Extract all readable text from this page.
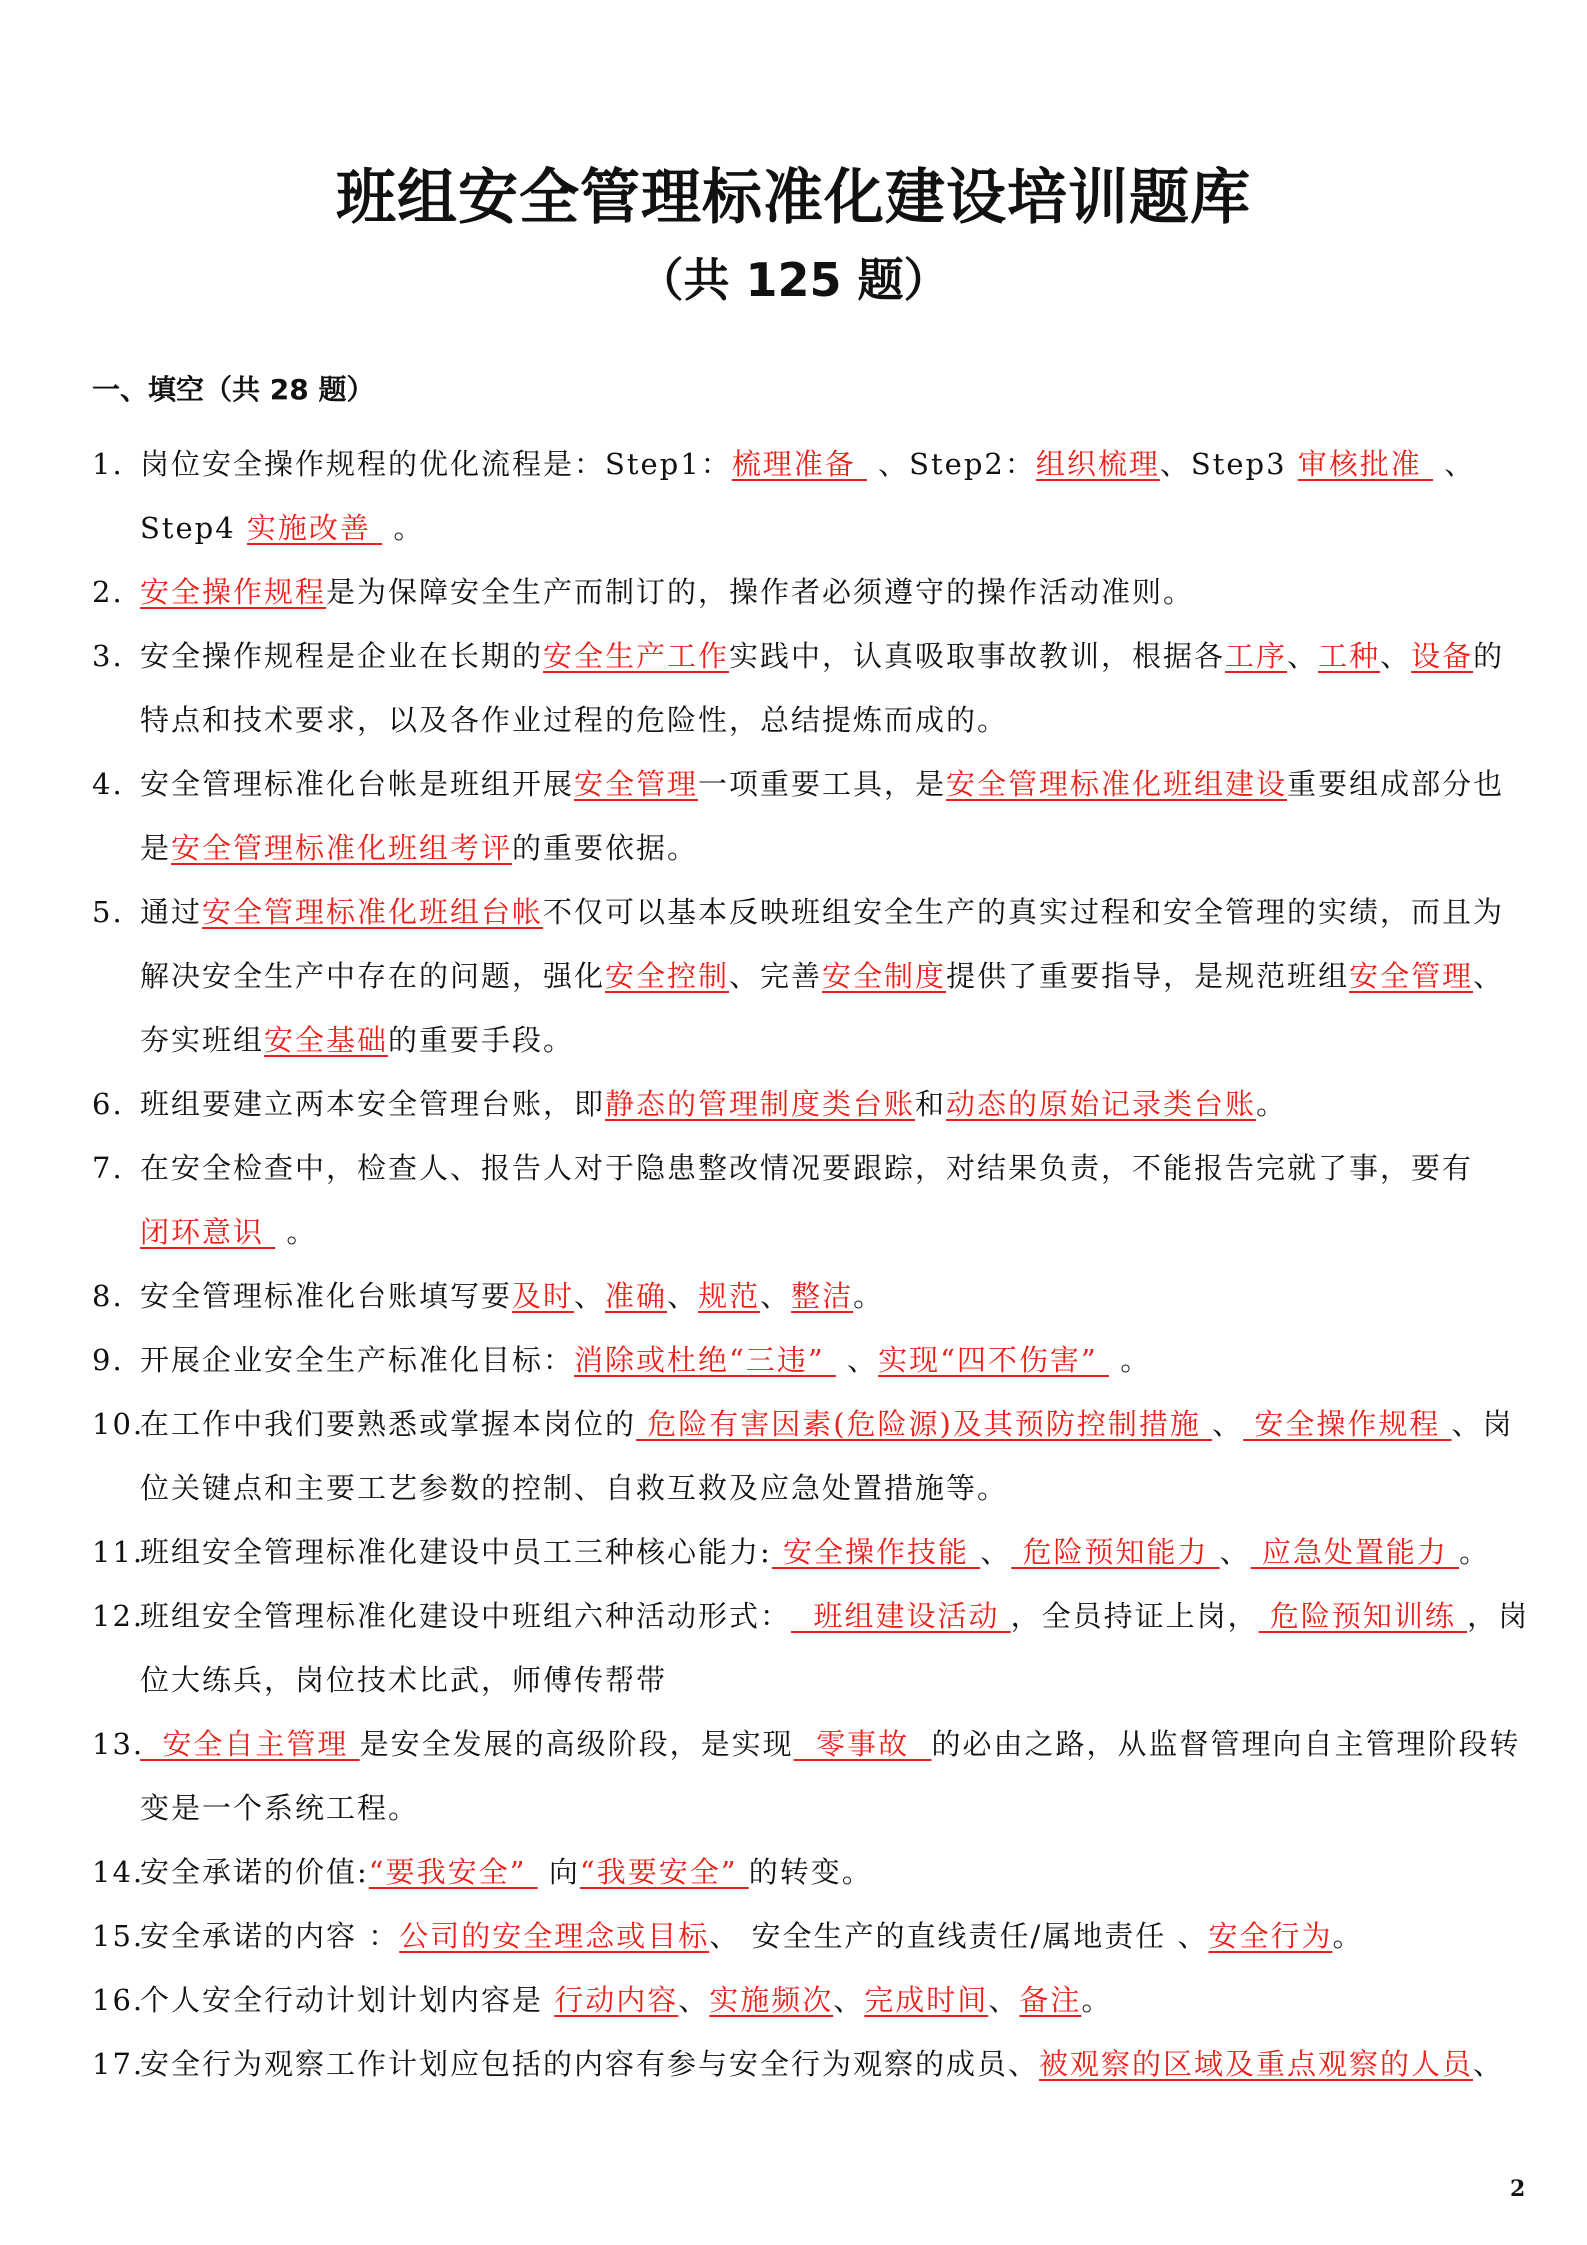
班组安全管理标准化建设培训题库
（共 125 题）
一、填空（共 28 题）
1. 岗位安全操作规程的优化流程是：Step1：梳理准备  、Step2：组织梳理、Step3 审核批准  、Step4 实施改善  。
2. 安全操作规程是为保障安全生产而制订的，操作者必须遵守的操作活动准则。
3. 安全操作规程是企业在长期的安全生产工作实践中，认真吸取事故教训，根据各工序、工种、设备的特点和技术要求，以及各作业过程的危险性，总结提炼而成的。
4. 安全管理标准化台帐是班组开展安全管理一项重要工具，是安全管理标准化班组建设重要组成部分也是安全管理标准化班组考评的重要依据。
5. 通过安全管理标准化班组台帐不仅可以基本反映班组安全生产的真实过程和安全管理的实绩，而且为解决安全生产中存在的问题，强化安全控制、完善安全制度提供了重要指导，是规范班组安全管理、夯实班组安全基础的重要手段。
6. 班组要建立两本安全管理台账，即静态的管理制度类台账和动态的原始记录类台账。
7. 在安全检查中，检查人、报告人对于隐患整改情况要跟踪，对结果负责，不能报告完就了事，要有闭环意识  。
8. 安全管理标准化台账填写要及时、准确、规范、整洁。
9. 开展企业安全生产标准化目标：消除或杜绝“三违”  、实现“四不伤害”  。
10.
在工作中我们要熟悉或掌握本岗位的 危险有害因素(危险源)及其预防控制措施 、 安全操作规程 、岗位关键点和主要工艺参数的控制、自救互救及应急处置措施等。
11.
班组安全管理标准化建设中员工三种核心能力: 安全操作技能 、 危险预知能力 、 应急处置能力 。
12.
班组安全管理标准化建设中班组六种活动形式：  班组建设活动 ，全员持证上岗， 危险预知训练 ，岗位大练兵，岗位技术比武，师傅传帮带
13.
安全自主管理 是安全发展的高级阶段，是实现  零事故  的必由之路，从监督管理向自主管理阶段转变是一个系统工程。
14.
安全承诺的价值:“要我安全”  向“我要安全” 的转变。
15.
安全承诺的内容 ：公司的安全理念或目标、 安全生产的直线责任/属地责任 、安全行为。
16.
个人安全行动计划计划内容是 行动内容、实施频次、完成时间、备注。
17.
安全行为观察工作计划应包括的内容有参与安全行为观察的成员、被观察的区域及重点观察的人员、
2
